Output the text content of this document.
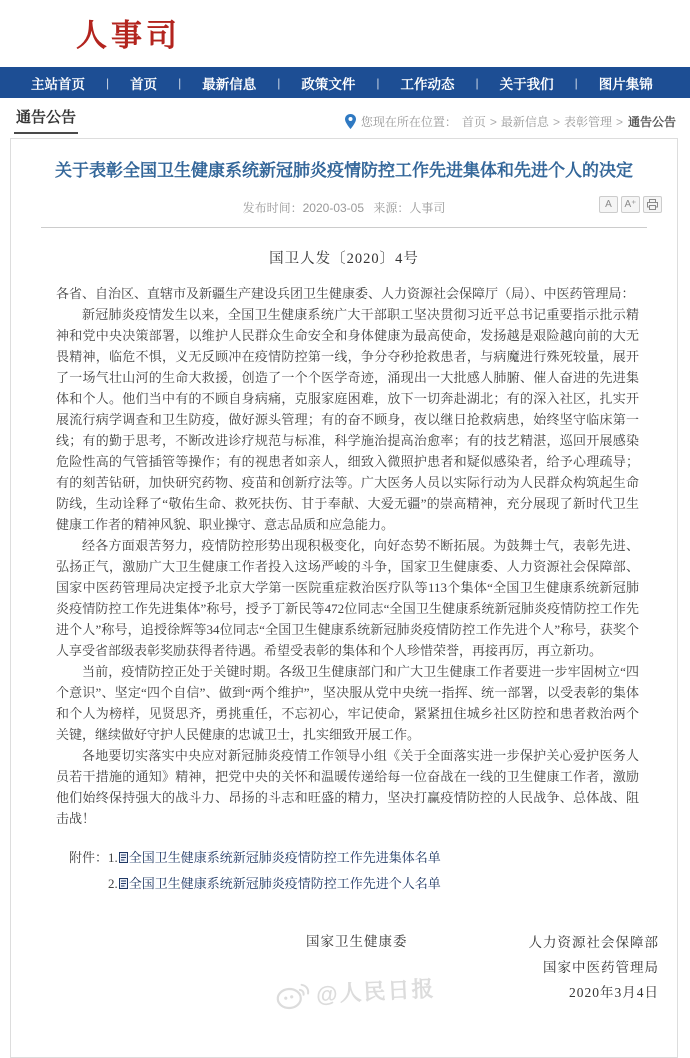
人事司
主站首页	|	首页	|	最新信息	|	政策文件	|	工作动态	|	关于我们	|	图片集锦
通告公告	您现在所在位置： 首页 > 最新信息 > 表彰管理 > 通告公告
关于表彰全国卫生健康系统新冠肺炎疫情防控工作先进集体和先进个人的决定
发布时间：2020-03-05 来源：人事司	A	A⁺
国卫人发〔2020〕4号

各省、自治区、直辖市及新疆生产建设兵团卫生健康委、人力资源社会保障厅（局）、中医药管理局：

新冠肺炎疫情发生以来，全国卫生健康系统广大干部职工坚决贯彻习近平总书记重要指示批示精神和党中央决策部署，以维护人民群众生命安全和身体健康为最高使命，发扬越是艰险越向前的大无畏精神，临危不惧，义无反顾冲在疫情防控第一线，争分夺秒抢救患者，与病魔进行殊死较量，展开了一场气壮山河的生命大救援，创造了一个个医学奇迹，涌现出一大批感人肺腑、催人奋进的先进集体和个人。他们当中有的不顾自身病痛，克服家庭困难，放下一切奔赴湖北；有的深入社区，扎实开展流行病学调查和卫生防疫，做好源头管理；有的奋不顾身，夜以继日抢救病患，始终坚守临床第一线；有的勤于思考，不断改进诊疗规范与标准，科学施治提高治愈率；有的技艺精湛，巡回开展感染危险性高的气管插管等操作；有的视患者如亲人，细致入微照护患者和疑似感染者，给予心理疏导；有的刻苦钻研，加快研究药物、疫苗和创新疗法等。广大医务人员以实际行动为人民群众构筑起生命防线，生动诠释了“敬佑生命、救死扶伤、甘于奉献、大爱无疆”的崇高精神，充分展现了新时代卫生健康工作者的精神风貌、职业操守、意志品质和应急能力。

经各方面艰苦努力，疫情防控形势出现积极变化，向好态势不断拓展。为鼓舞士气，表彰先进、弘扬正气，激励广大卫生健康工作者投入这场严峻的斗争，国家卫生健康委、人力资源社会保障部、国家中医药管理局决定授予北京大学第一医院重症救治医疗队等113个集体“全国卫生健康系统新冠肺炎疫情防控工作先进集体”称号，授予丁新民等472位同志“全国卫生健康系统新冠肺炎疫情防控工作先进个人”称号，追授徐辉等34位同志“全国卫生健康系统新冠肺炎疫情防控工作先进个人”称号，获奖个人享受省部级表彰奖励获得者待遇。希望受表彰的集体和个人珍惜荣誉，再接再厉，再立新功。

当前，疫情防控正处于关键时期。各级卫生健康部门和广大卫生健康工作者要进一步牢固树立“四个意识”、坚定“四个自信”、做到“两个维护”，坚决服从党中央统一指挥、统一部署，以受表彰的集体和个人为榜样，见贤思齐，勇挑重任，不忘初心，牢记使命，紧紧扭住城乡社区防控和患者救治两个关键，继续做好守护人民健康的忠诚卫士，扎实细致开展工作。

各地要切实落实中央应对新冠肺炎疫情工作领导小组《关于全面落实进一步保护关心爱护医务人员若干措施的通知》精神，把党中央的关怀和温暖传递给每一位奋战在一线的卫生健康工作者，激励他们始终保持强大的战斗力、昂扬的斗志和旺盛的精力，坚决打赢疫情防控的人民战争、总体战、阻击战！

附件： 1. 全国卫生健康系统新冠肺炎疫情防控工作先进集体名单
2. 全国卫生健康系统新冠肺炎疫情防控工作先进个人名单
国家卫生健康委	人力资源社会保障部
国家中医药管理局
2020年3月4日
@人民日报
